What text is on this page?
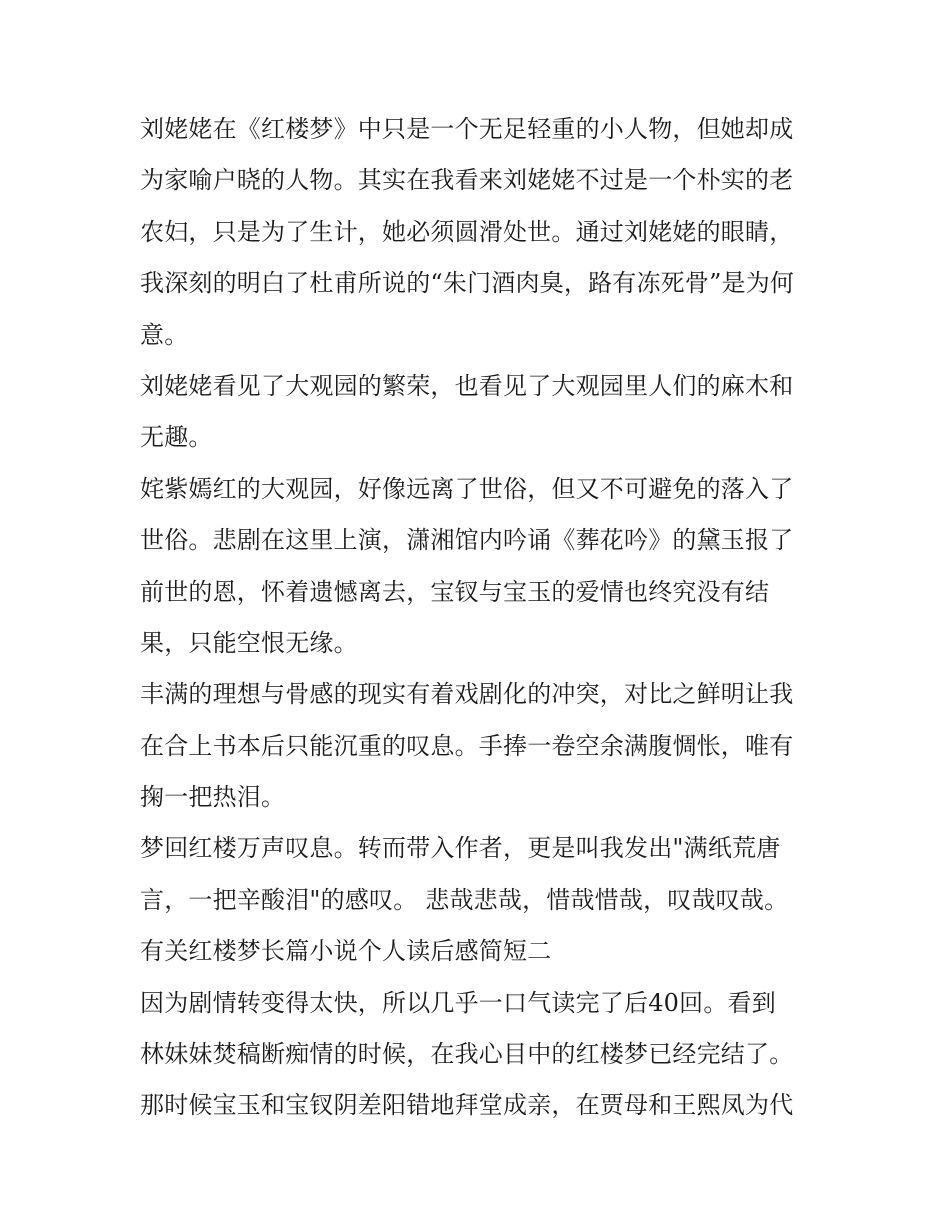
刘姥姥在《红楼梦》中只是一个无足轻重的小人物，但她却成
为家喻户晓的人物。其实在我看来刘姥姥不过是一个朴实的老
农妇，只是为了生计，她必须圆滑处世。通过刘姥姥的眼睛，
我深刻的明白了杜甫所说的“朱门酒肉臭，路有冻死骨”是为何
意。
刘姥姥看见了大观园的繁荣，也看见了大观园里人们的麻木和
无趣。
姹紫嫣红的大观园，好像远离了世俗，但又不可避免的落入了
世俗。悲剧在这里上演，潇湘馆内吟诵《葬花吟》的黛玉报了
前世的恩，怀着遗憾离去，宝钗与宝玉的爱情也终究没有结
果，只能空恨无缘。
丰满的理想与骨感的现实有着戏剧化的冲突，对比之鲜明让我
在合上书本后只能沉重的叹息。手捧一卷空余满腹惆怅，唯有
掬一把热泪。
梦回红楼万声叹息。转而带入作者，更是叫我发出"满纸荒唐
言，一把辛酸泪"的感叹。 悲哉悲哉，惜哉惜哉，叹哉叹哉。
有关红楼梦长篇小说个人读后感简短二
因为剧情转变得太快，所以几乎一口气读完了后40回。看到
林妹妹焚稿断痴情的时候，在我心目中的红楼梦已经完结了。
那时候宝玉和宝钗阴差阳错地拜堂成亲，在贾母和王熙凤为代
